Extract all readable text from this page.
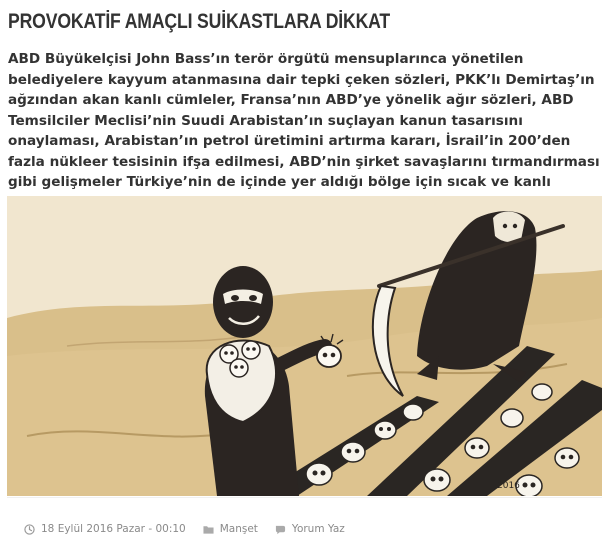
PROVOKATİF AMAÇLI SUİKASTLARA DİKKAT

ABD Büyükelçisi John Bass’ın terör örgütü mensuplarınca yönetilen belediyelere kayyum atanmasına dair tepki çeken sözleri, PKK’lı Demirtaş’ın ağzından akan kanlı cümleler, Fransa’nın ABD’ye yönelik ağır sözleri, ABD Temsilciler Meclisi’nin Suudi Arabistan’ın suçlayan kanun tasarısını onaylaması, Arabistan’ın petrol üretimini artırma kararı, İsrail’in 200’den fazla nükleer tesisinin ifşa edilmesi, ABD’nin şirket savaşlarını tırmandırması gibi gelişmeler Türkiye’nin de içinde yer aldığı bölge için sıcak ve kanlı

2016
18 Eylül 2016 Pazar - 00:10	Manşet	Yorum Yaz
